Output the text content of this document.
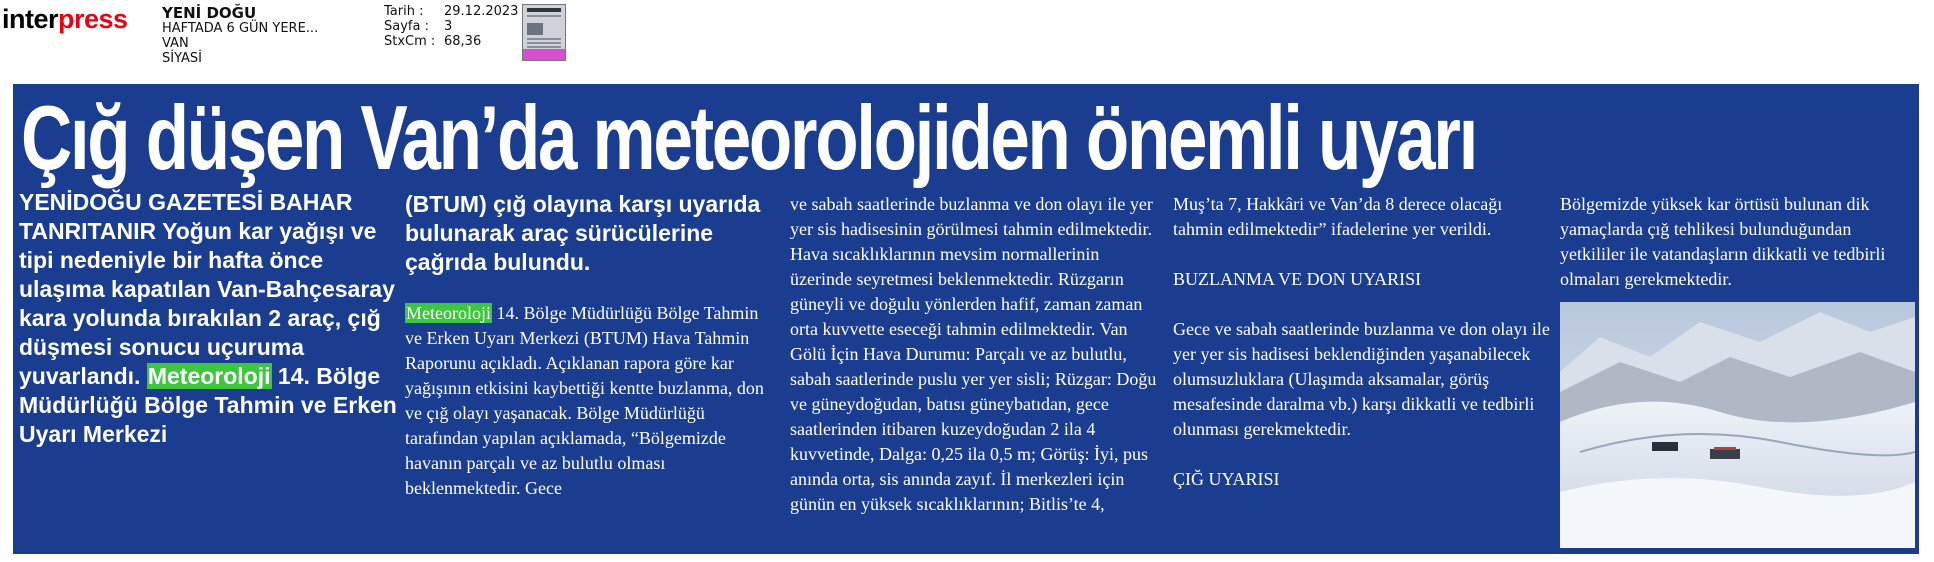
interpress YENİ DOĞU
HAFTADA 6 GÜN YERE...
VAN
SİYASİ
Tarih :	29.12.2023
Sayfa :	3
StxCm : 68,36
Çığ düşen Van’da meteorolojiden önemli uyarı
YENİDOĞU GAZETESİ BAHAR TANRITANIR Yoğun kar yağışı ve tipi nedeniyle bir hafta önce ulaşıma kapatılan Van-Bahçesaray kara yolunda bırakılan 2 araç, çığ düşmesi sonucu uçuruma yuvarlandı. Meteoroloji 14. Bölge Müdürlüğü Bölge Tahmin ve Erken Uyarı Merkezi
(BTUM) çığ olayına karşı uyarıda bulunarak araç sürücülerine çağrıda bulundu.
Meteoroloji 14. Bölge Müdürlüğü Bölge Tahmin ve Erken Uyarı Merkezi (BTUM) Hava Tahmin Raporunu açıkladı. Açıklanan rapora göre kar yağışının etkisini kaybettiği kentte buzlanma, don ve çığ olayı yaşanacak. Bölge Müdürlüğü tarafından yapılan açıklamada, “Bölgemizde havanın parçalı ve az bulutlu olması beklenmektedir. Gece
ve sabah saatlerinde buzlanma ve don olayı ile yer yer sis hadisesinin görülmesi tahmin edilmektedir. Hava sıcaklıklarının mevsim normallerinin üzerinde seyretmesi beklenmektedir. Rüzgarın güneyli ve doğulu yönlerden hafif, zaman zaman orta kuvvette eseceği tahmin edilmektedir. Van Gölü İçin Hava Durumu: Parçalı ve az bulutlu, sabah saatlerinde puslu yer yer sisli; Rüzgar: Doğu ve güneydoğudan, batısı güneybatıdan, gece saatlerinden itibaren kuzeydoğudan 2 ila 4 kuvvetinde, Dalga: 0,25 ila 0,5 m; Görüş: İyi, pus anında orta, sis anında zayıf. İl merkezleri için günün en yüksek sıcaklıklarının; Bitlis’te 4,
Muş’ta 7, Hakkâri ve Van’da 8 derece olacağı tahmin edilmektedir” ifadelerine yer verildi.
BUZLANMA VE DON UYARISI
Gece ve sabah saatlerinde buzlanma ve don olayı ile yer yer sis hadisesi beklendiğinden yaşanabilecek olumsuzluklara (Ulaşımda aksamalar, görüş mesafesinde daralma vb.) karşı dikkatli ve tedbirli olunması gerekmektedir.
ÇIĞ UYARISI
Bölgemizde yüksek kar örtüsü bulunan dik yamaçlarda çığ tehlikesi bulunduğundan yetkililer ile vatandaşların dikkatli ve tedbirli olmaları gerekmektedir.
